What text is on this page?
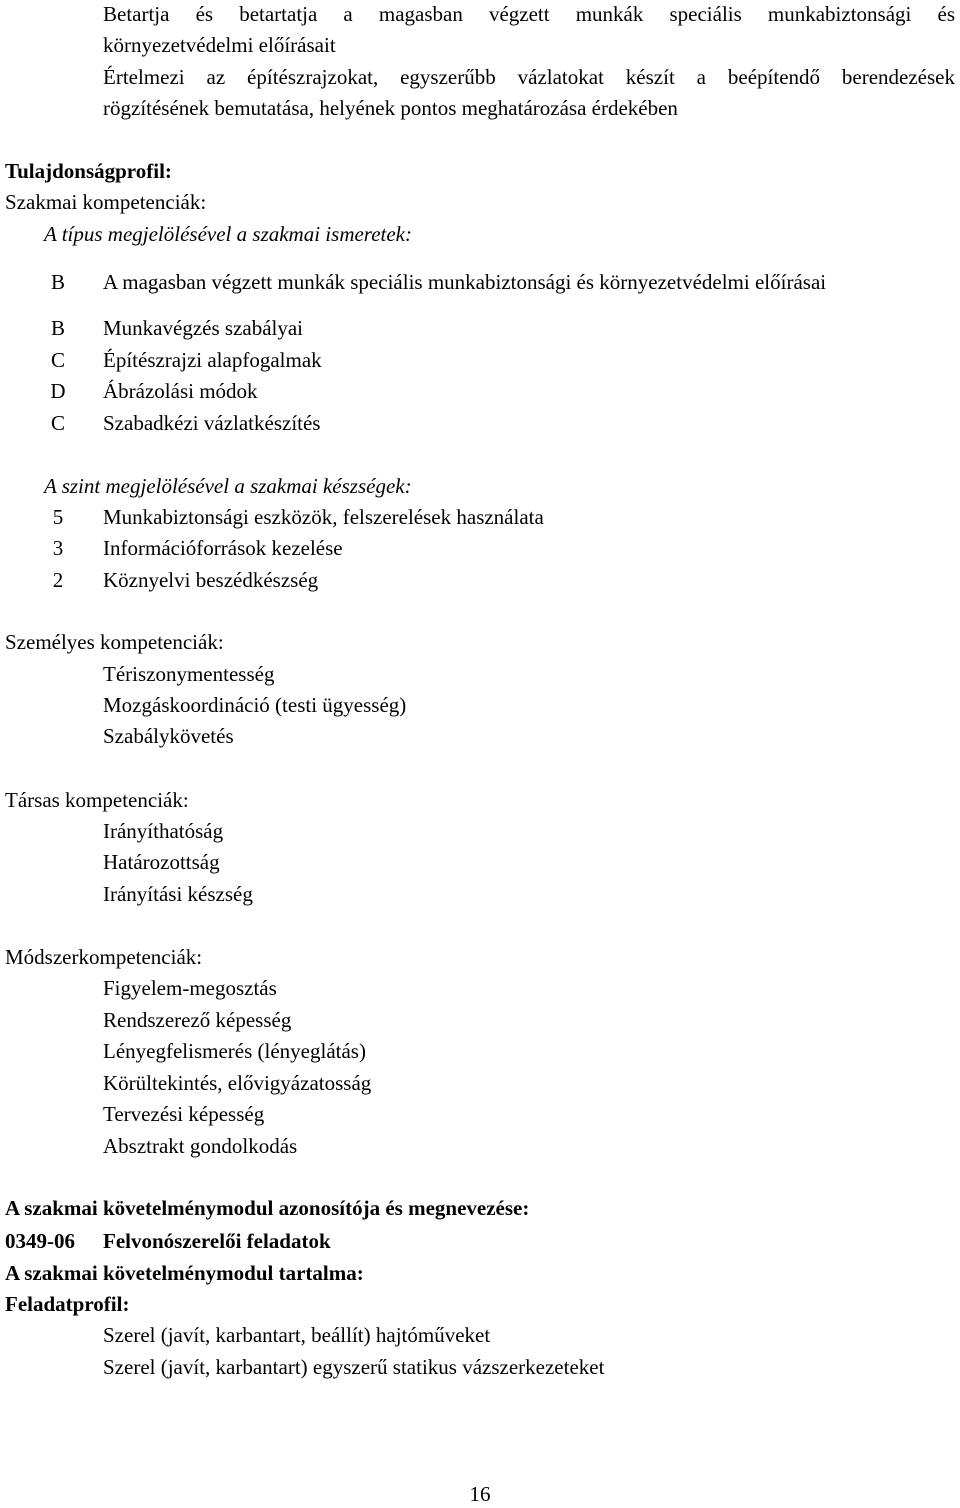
Betartja és betartatja a magasban végzett munkák speciális munkabiztonsági és
környezetvédelmi előírásait
Értelmezi az építészrajzokat, egyszerűbb vázlatokat készít a beépítendő berendezések
rögzítésének bemutatása, helyének pontos meghatározása érdekében
Tulajdonságprofil:
Szakmai kompetenciák:
A típus megjelölésével a szakmai ismeretek:
B A magasban végzett munkák speciális munkabiztonsági és környezetvédelmi előírásai
B Munkavégzés szabályai
C Építészrajzi alapfogalmak
D Ábrázolási módok
C Szabadkézi vázlatkészítés
A szint megjelölésével a szakmai készségek:
5	Munkabiztonsági eszközök, felszerelések használata
3	Információforrások kezelése
2	Köznyelvi beszédkészség
Személyes kompetenciák:
Tériszonymentesség
Mozgáskoordináció (testi ügyesség)
Szabálykövetés
Társas kompetenciák:
Irányíthatóság
Határozottság
Irányítási készség
Módszerkompetenciák:
Figyelem-megosztás
Rendszerező képesség
Lényegfelismerés (lényeglátás)
Körültekintés, elővigyázatosság
Tervezési képesség
Absztrakt gondolkodás
A szakmai követelménymodul azonosítója és megnevezése:
0349-06 Felvonószerelői feladatok
A szakmai követelménymodul tartalma:
Feladatprofil:
Szerel (javít, karbantart, beállít) hajtóműveket
Szerel (javít, karbantart) egyszerű statikus vázszerkezeteket
16
